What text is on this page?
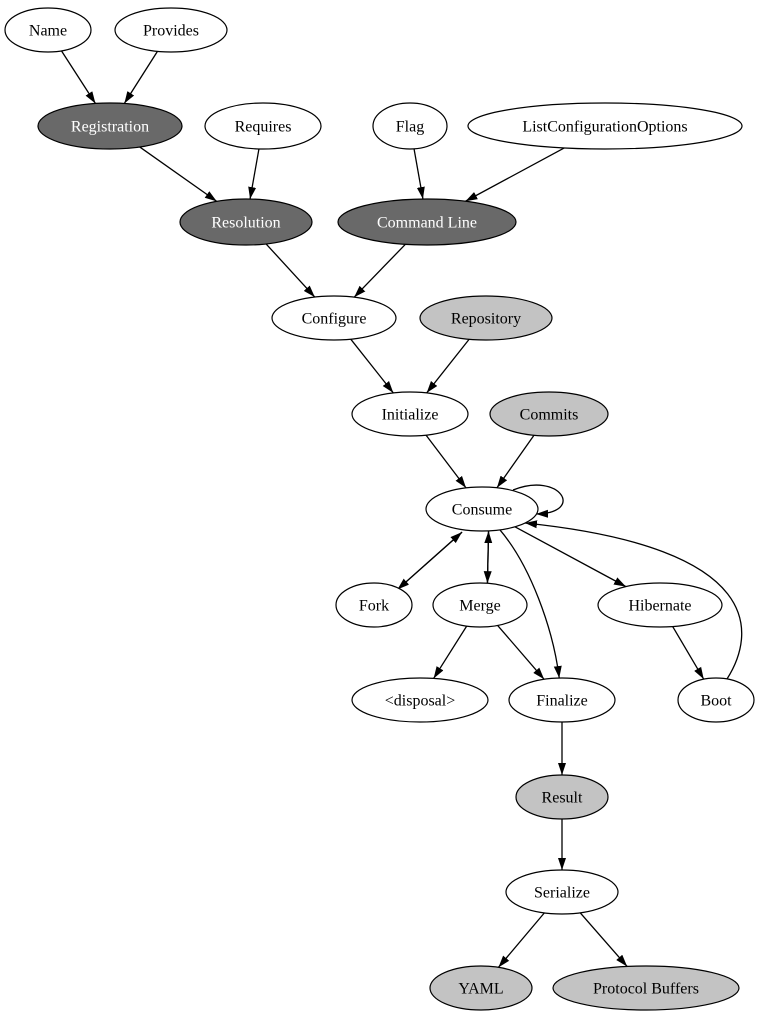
Name	Provides
Registration	Requires	Flag	ListConfigurationOptions
Resolution	Command Line
Configure	Repository
Initialize	Commits
Consume
Fork	Merge	Hibernate
<disposal>	Finalize	Boot
Result
Serialize
YAML	Protocol Buffers
